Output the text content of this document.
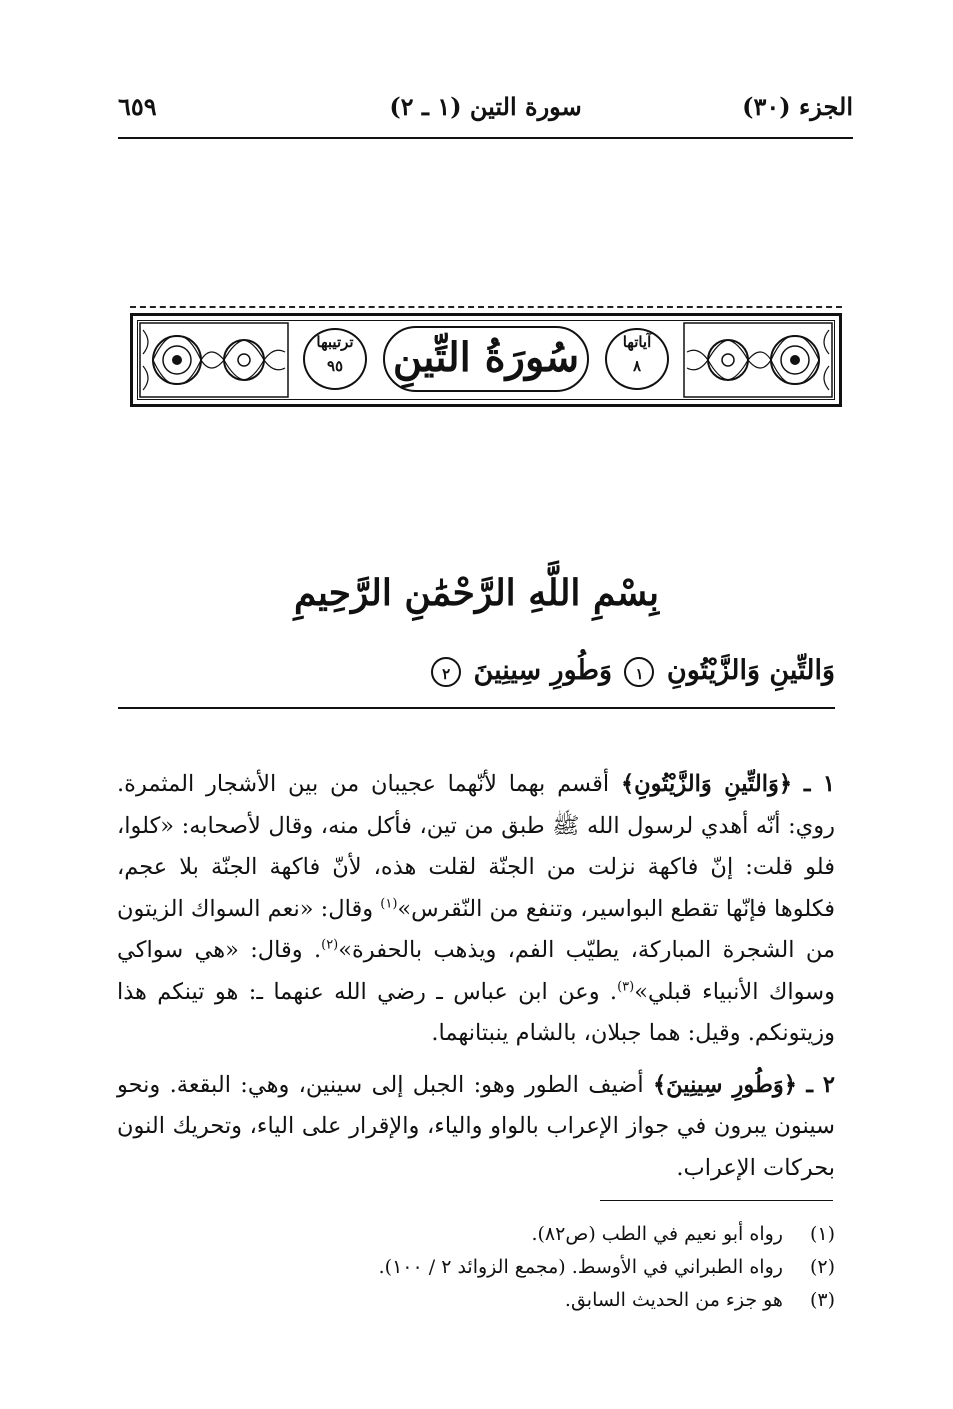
الجزء (٣٠)
سورة التين (١ ـ ٢)
٦٥٩
ترتيبها
٩٥
آياتها
٨
سُورَةُ التِّينِ
بِسْمِ اللَّهِ الرَّحْمَٰنِ الرَّحِيمِ
وَالتِّينِ وَالزَّيْتُونِ ١ وَطُورِ سِينِينَ ٢

١ ـ ﴿وَالتِّينِ وَالزَّيْتُونِ﴾ أقسم بهما لأنّهما عجيبان من بين الأشجار المثمرة. روي: أنّه أهدي لرسول الله ﷺ طبق من تين، فأكل منه، وقال لأصحابه: «كلوا، فلو قلت: إنّ فاكهة نزلت من الجنّة لقلت هذه، لأنّ فاكهة الجنّة بلا عجم، فكلوها فإنّها تقطع البواسير، وتنفع من النّقرس»$^{(١)}$ وقال: «نعم السواك الزيتون من الشجرة المباركة، يطيّب الفم، ويذهب بالحفرة»$^{(٢)}$. وقال: «هي سواكي وسواك الأنبياء قبلي»$^{(٣)}$. وعن ابن عباس ـ رضي الله عنهما ـ: هو تينكم هذا وزيتونكم. وقيل: هما جبلان، بالشام ينبتانهما.

٢ ـ ﴿وَطُورِ سِينِينَ﴾ أضيف الطور وهو: الجبل إلى سينين، وهي: البقعة. ونحو سينون يبرون في جواز الإعراب بالواو والياء، والإقرار على الياء، وتحريك النون بحركات الإعراب.

(١) رواه أبو نعيم في الطب (ص٨٢).
(٢) رواه الطبراني في الأوسط. (مجمع الزوائد ٢ / ١٠٠).
(٣) هو جزء من الحديث السابق.
